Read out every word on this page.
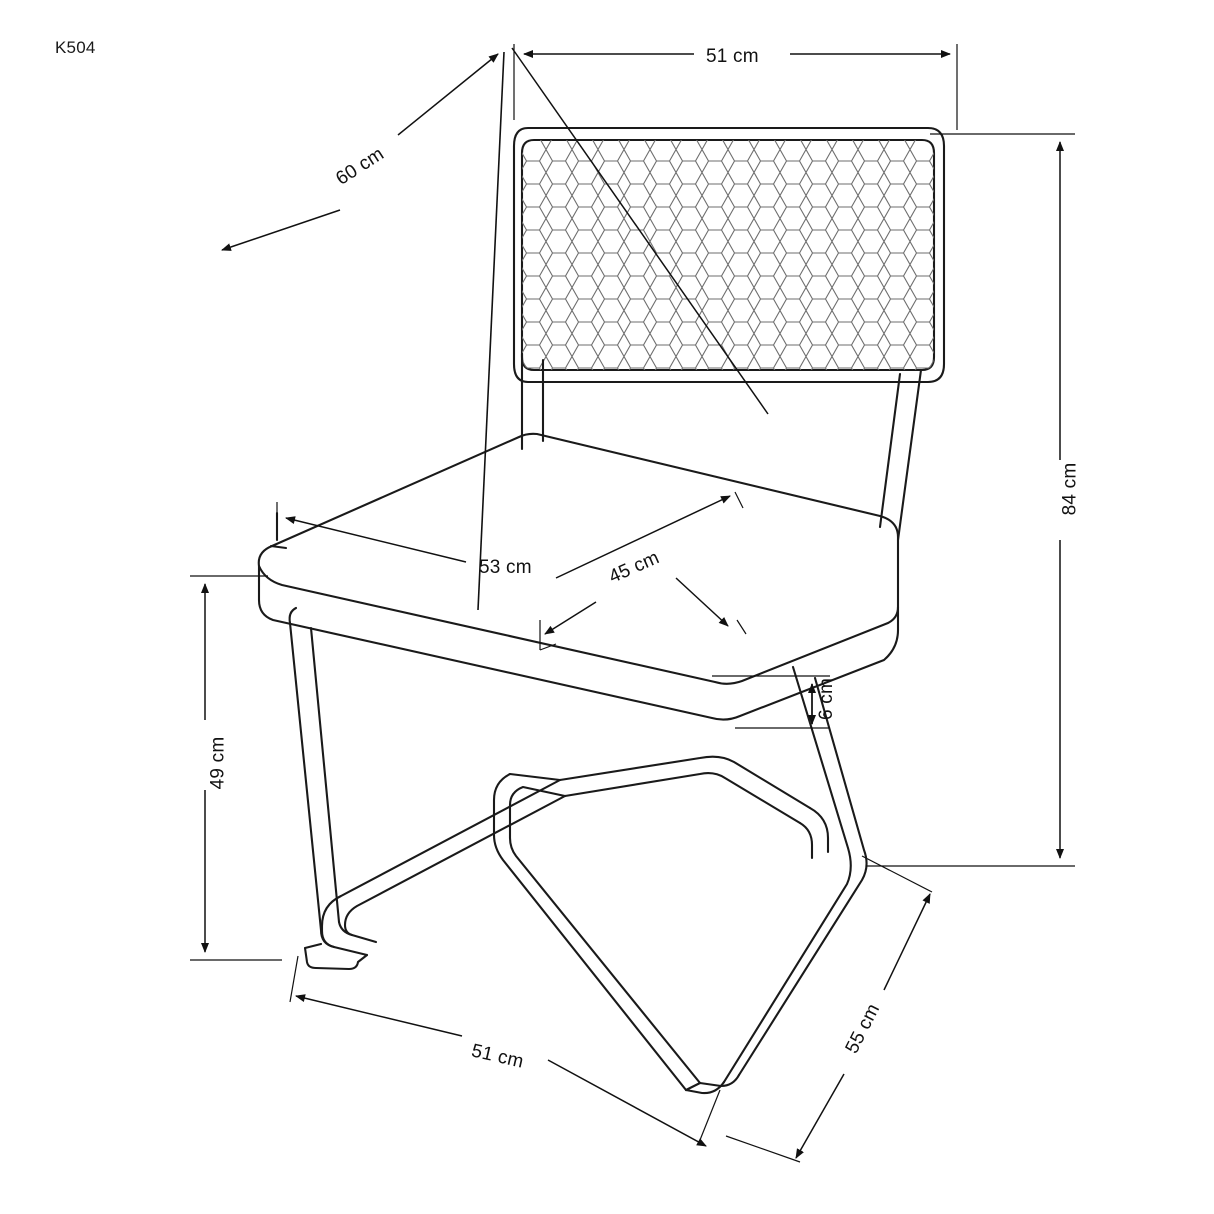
K504	51 cm
60 cm
84 cm
53 cm	45 cm
6 cm
49 cm
51 cm	55 cm
